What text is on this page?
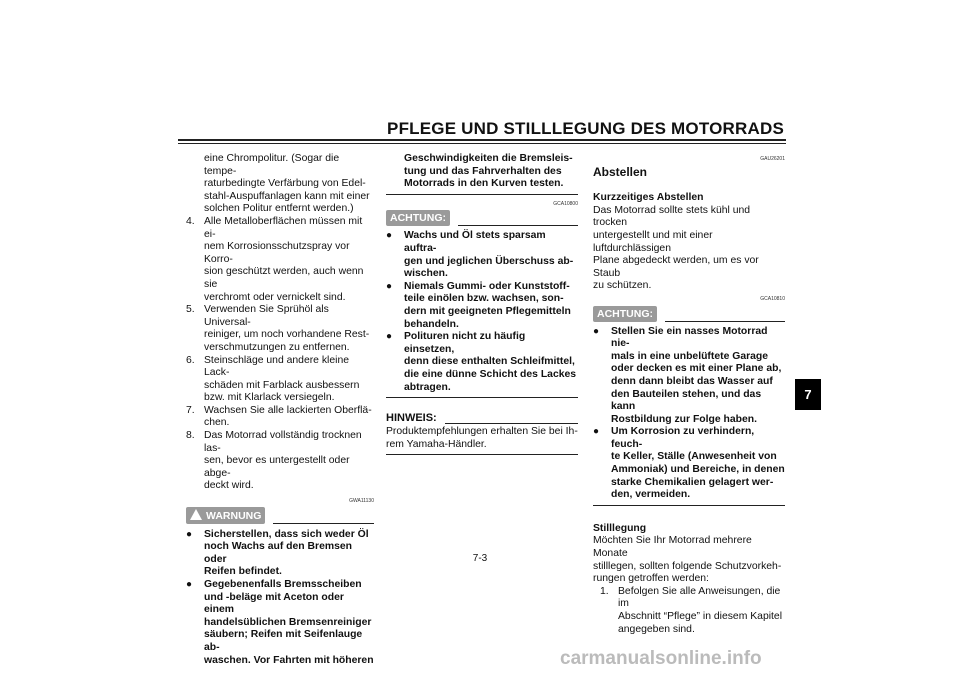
PFLEGE UND STILLLEGUNG DES MOTORRADS
eine Chrompolitur. (Sogar die tempe-
raturbedingte Verfärbung von Edel-
stahl-Auspuffanlagen kann mit einer
solchen Politur entfernt werden.)
4. Alle Metalloberflächen müssen mit ei-
nem Korrosionsschutzspray vor Korro-
sion geschützt werden, auch wenn sie
verchromt oder vernickelt sind.
5. Verwenden Sie Sprühöl als Universal-
reiniger, um noch vorhandene Rest-
verschmutzungen zu entfernen.
6. Steinschläge und andere kleine Lack-
schäden mit Farblack ausbessern
bzw. mit Klarlack versiegeln.
7. Wachsen Sie alle lackierten Oberflä-
chen.
8. Das Motorrad vollständig trocknen las-
sen, bevor es untergestellt oder abge-
deckt wird.
GWA11130
WARNUNG
●	Sicherstellen, dass sich weder Öl
noch Wachs auf den Bremsen oder
Reifen befindet.
●	Gegebenenfalls Bremsscheiben
und -beläge mit Aceton oder einem
handelsüblichen Bremsenreiniger
säubern; Reifen mit Seifenlauge ab-
waschen. Vor Fahrten mit höheren
Geschwindigkeiten die Bremsleis-
tung und das Fahrverhalten des
Motorrads in den Kurven testen.
GCA10800
ACHTUNG:
●	Wachs und Öl stets sparsam auftra-
gen und jeglichen Überschuss ab-
wischen.
●	Niemals Gummi- oder Kunststoff-
teile einölen bzw. wachsen, son-
dern mit geeigneten Pflegemitteln
behandeln.
●	Polituren nicht zu häufig einsetzen,
denn diese enthalten Schleifmittel,
die eine dünne Schicht des Lackes
abtragen.
HINWEIS:
Produktempfehlungen erhalten Sie bei Ih-
rem Yamaha-Händler.
GAU26201
Abstellen
Kurzzeitiges Abstellen
Das Motorrad sollte stets kühl und trocken
untergestellt und mit einer luftdurchlässigen
Plane abgedeckt werden, um es vor Staub
zu schützen.
GCA10810
ACHTUNG:
●	Stellen Sie ein nasses Motorrad nie-
mals in eine unbelüftete Garage
oder decken es mit einer Plane ab,
denn dann bleibt das Wasser auf
den Bauteilen stehen, und das kann
Rostbildung zur Folge haben.
●	Um Korrosion zu verhindern, feuch-
te Keller, Ställe (Anwesenheit von
Ammoniak) und Bereiche, in denen
starke Chemikalien gelagert wer-
den, vermeiden.
Stilllegung
Möchten Sie Ihr Motorrad mehrere Monate
stilllegen, sollten folgende Schutzvorkeh-
rungen getroffen werden:
1. Befolgen Sie alle Anweisungen, die im
Abschnitt “Pflege” in diesem Kapitel
angegeben sind.
7
7-3
carmanualsonline.info
